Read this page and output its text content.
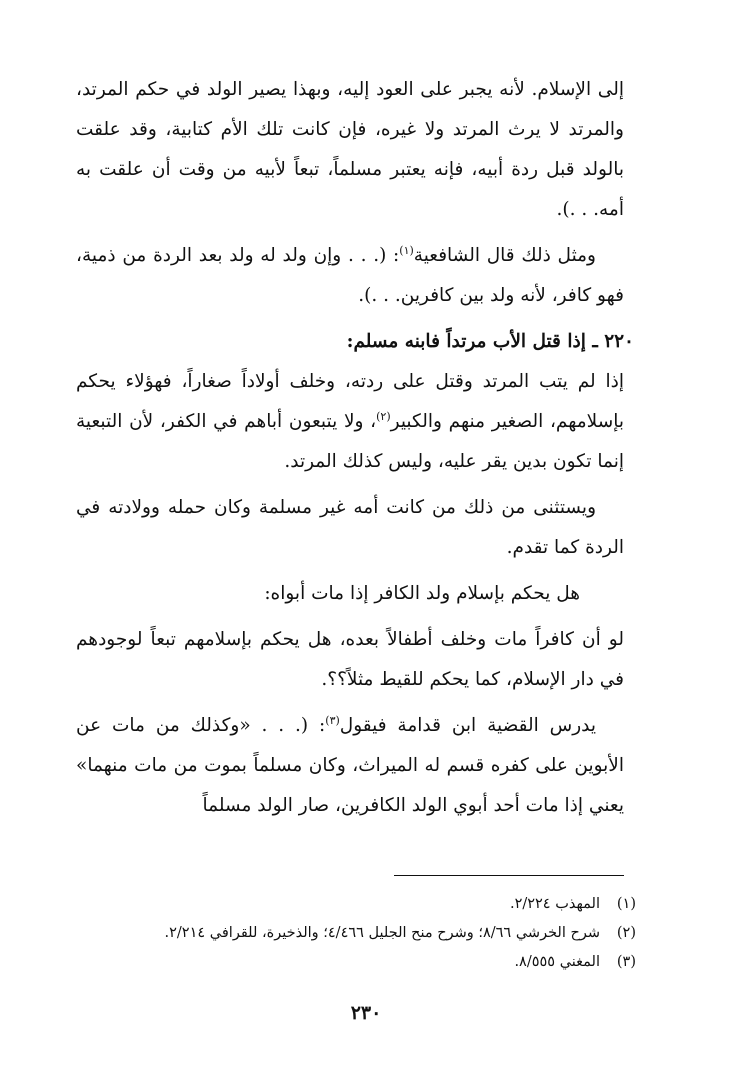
إلى الإسلام. لأنه يجبر على العود إليه، وبهذا يصير الولد في حكم المرتد، والمرتد لا يرث المرتد ولا غيره، فإن كانت تلك الأم كتابية، وقد علقت بالولد قبل ردة أبيه، فإنه يعتبر مسلماً، تبعاً لأبيه من وقت أن علقت به أمه. . .).

ومثل ذلك قال الشافعية$^{(١)}$: (. . . وإن ولد له ولد بعد الردة من ذمية، فهو كافر، لأنه ولد بين كافرين. . .).

٢٢٠ ـ إذا قتل الأب مرتداً فابنه مسلم:

إذا لم يتب المرتد وقتل على ردته، وخلف أولاداً صغاراً، فهؤلاء يحكم بإسلامهم، الصغير منهم والكبير$^{(٢)}$، ولا يتبعون أباهم في الكفر، لأن التبعية إنما تكون بدين يقر عليه، وليس كذلك المرتد.

ويستثنى من ذلك من كانت أمه غير مسلمة وكان حمله وولادته في الردة كما تقدم.

هل يحكم بإسلام ولد الكافر إذا مات أبواه:

لو أن كافراً مات وخلف أطفالاً بعده، هل يحكم بإسلامهم تبعاً لوجودهم في دار الإسلام، كما يحكم للقيط مثلاً؟؟.

يدرس القضية ابن قدامة فيقول$^{(٣)}$: (. . . «وكذلك من مات عن الأبوين على كفره قسم له الميراث، وكان مسلماً بموت من مات منهما» يعني إذا مات أحد أبوي الولد الكافرين، صار الولد مسلماً

(١)
المهذب ٢/٢٢٤.
(٢)
شرح الخرشي ٨/٦٦؛ وشرح منح الجليل ٤/٤٦٦؛ والذخيرة، للقرافي ٢/٢١٤.
(٣)
المغني ٨/٥٥٥.
٢٣٠
